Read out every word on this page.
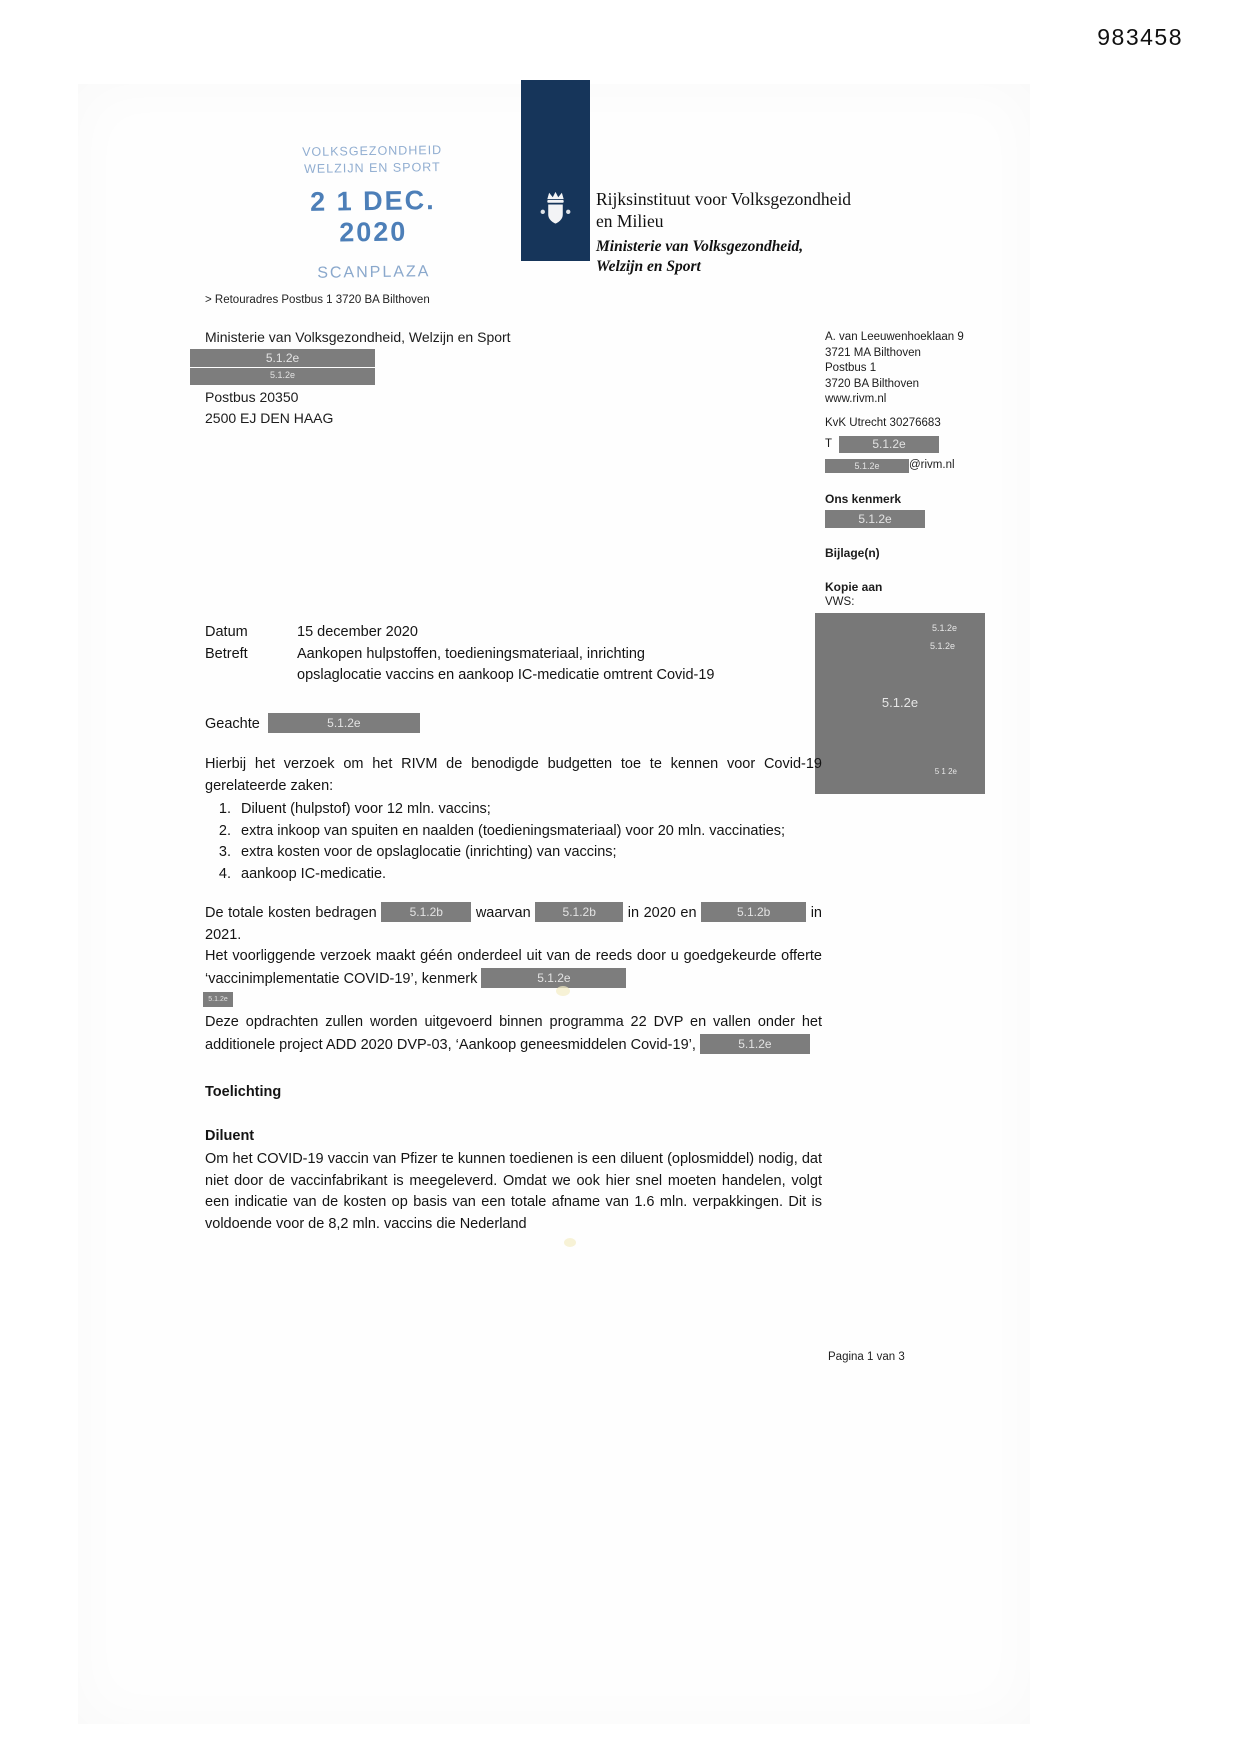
983458
VOLKSGEZONDHEID
WELZIJN EN SPORT
2 1 DEC. 2020
SCANPLAZA
Rijksinstituut voor Volksgezondheid
en Milieu
Ministerie van Volksgezondheid,
Welzijn en Sport
> Retouradres Postbus 1 3720 BA Bilthoven
Ministerie van Volksgezondheid, Welzijn en Sport
5.1.2e
5.1.2e
Postbus 20350
2500 EJ DEN HAAG
A. van Leeuwenhoeklaan 9
3721 MA Bilthoven
Postbus 1
3720 BA Bilthoven
www.rivm.nl
KvK Utrecht 30276683
T	5.1.2e
5.1.2e	@rivm.nl
Ons kenmerk
5.1.2e
Bijlage(n)
Kopie aan
VWS:
5.1.2e
5.1.2e
5.1.2e
5 1 2e
Datum	15 december 2020
Betreft	Aankopen hulpstoffen, toedieningsmateriaal, inrichting opslaglocatie vaccins en aankoop IC-medicatie omtrent Covid-19
Geachte	5.1.2e

Hierbij het verzoek om het RIVM de benodigde budgetten toe te kennen voor Covid-19 gerelateerde zaken:

1. Diluent (hulpstof) voor 12 mln. vaccins;
2. extra inkoop van spuiten en naalden (toedieningsmateriaal) voor 20 mln. vaccinaties;
3. extra kosten voor de opslaglocatie (inrichting) van vaccins;
4. aankoop IC-medicatie.

De totale kosten bedragen 5.1.2b waarvan 5.1.2b in 2020 en	5.1.2b in 2021.

Het voorliggende verzoek maakt géén onderdeel uit van de reeds door u goedgekeurde offerte ‘vaccinimplementatie COVID-19’, kenmerk	5.1.2e

5.1.2e

Deze opdrachten zullen worden uitgevoerd binnen programma 22 DVP en vallen onder het additionele project ADD 2020 DVP-03, ‘Aankoop geneesmiddelen Covid-19’,	5.1.2e

Toelichting
Diluent

Om het COVID-19 vaccin van Pfizer te kunnen toedienen is een diluent (oplosmiddel) nodig, dat niet door de vaccinfabrikant is meegeleverd. Omdat we ook hier snel moeten handelen, volgt een indicatie van de kosten op basis van een totale afname van 1.6 mln. verpakkingen. Dit is voldoende voor de 8,2 mln. vaccins die Nederland

Pagina 1 van 3
